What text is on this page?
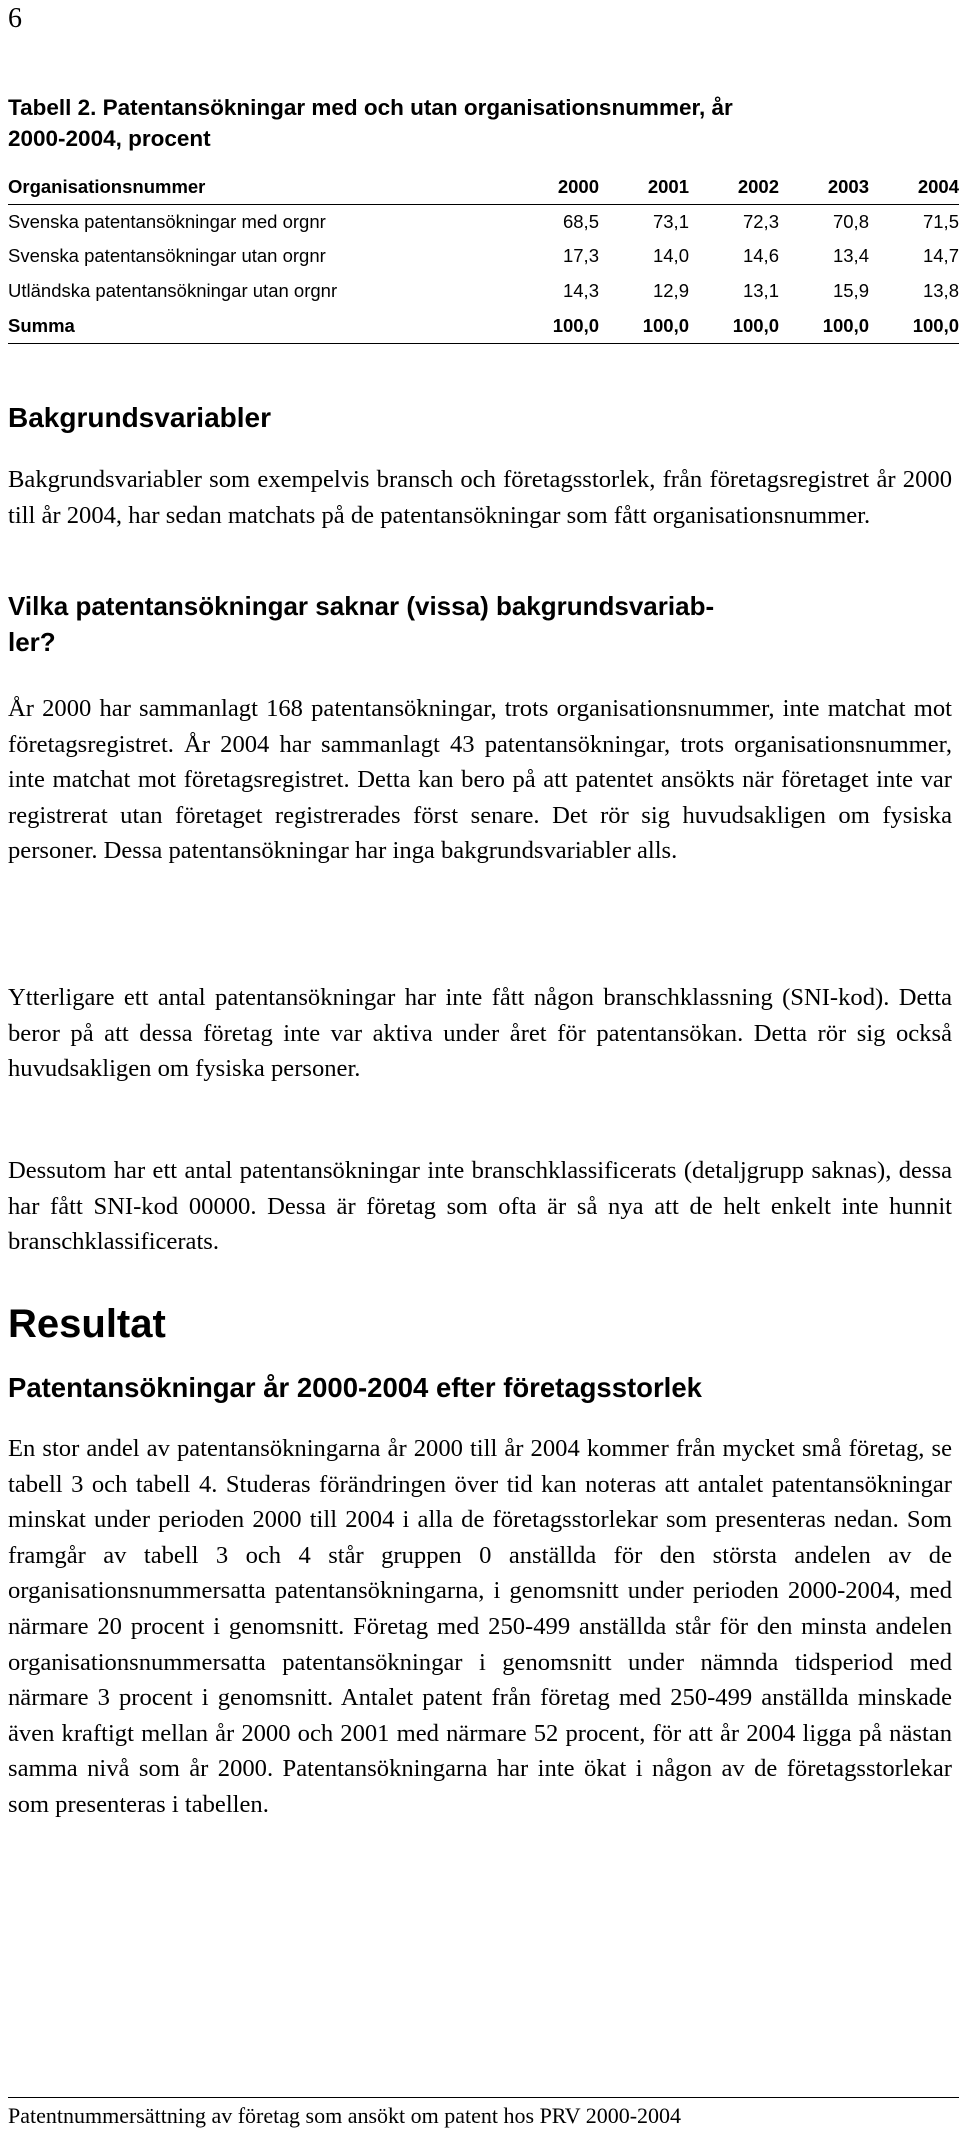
6
Tabell 2. Patentansökningar med och utan organisationsnummer, år
2000-2004, procent
Organisationsnummer	2000	2001	2002	2003	2004
Svenska patentansökningar med orgnr	68,5	73,1	72,3	70,8	71,5
Svenska patentansökningar utan orgnr	17,3	14,0	14,6	13,4	14,7
Utländska patentansökningar utan orgnr	14,3	12,9	13,1	15,9	13,8
Summa	100,0	100,0	100,0	100,0	100,0
Bakgrundsvariabler

Bakgrundsvariabler som exempelvis bransch och företagsstorlek, från företagsregistret år 2000 till år 2004, har sedan matchats på de patentansökningar som fått organisationsnummer.

Vilka patentansökningar saknar (vissa) bakgrundsvariab-
ler?

År 2000 har sammanlagt 168 patentansökningar, trots organisationsnummer, inte matchat mot företagsregistret. År 2004 har sammanlagt 43 patentansökningar, trots organisationsnummer, inte matchat mot företagsregistret. Detta kan bero på att patentet ansökts när företaget inte var registrerat utan företaget registrerades först senare. Det rör sig huvudsakligen om fysiska personer. Dessa patentansökningar har inga bakgrundsvariabler alls.

Ytterligare ett antal patentansökningar har inte fått någon branschklassning (SNI-kod). Detta beror på att dessa företag inte var aktiva under året för patentansökan. Detta rör sig också huvudsakligen om fysiska personer.

Dessutom har ett antal patentansökningar inte branschklassificerats (detaljgrupp saknas), dessa har fått SNI-kod 00000. Dessa är företag som ofta är så nya att de helt enkelt inte hunnit branschklassificerats.

Resultat
Patentansökningar år 2000-2004 efter företagsstorlek

En stor andel av patentansökningarna år 2000 till år 2004 kommer från mycket små företag, se tabell 3 och tabell 4. Studeras förändringen över tid kan noteras att antalet patentansökningar minskat under perioden 2000 till 2004 i alla de företagsstorlekar som presenteras nedan. Som framgår av tabell 3 och 4 står gruppen 0 anställda för den största andelen av de organisationsnummersatta patentansökningarna, i genomsnitt under perioden 2000-2004, med närmare 20 procent i genomsnitt. Företag med 250-499 anställda står för den minsta andelen organisationsnummersatta patentansökningar i genomsnitt under nämnda tidsperiod med närmare 3 procent i genomsnitt. Antalet patent från företag med 250-499 anställda minskade även kraftigt mellan år 2000 och 2001 med närmare 52 procent, för att år 2004 ligga på nästan samma nivå som år 2000. Patentansökningarna har inte ökat i någon av de företagsstorlekar som presenteras i tabellen.

Patentnummersättning av företag som ansökt om patent hos PRV 2000-2004
